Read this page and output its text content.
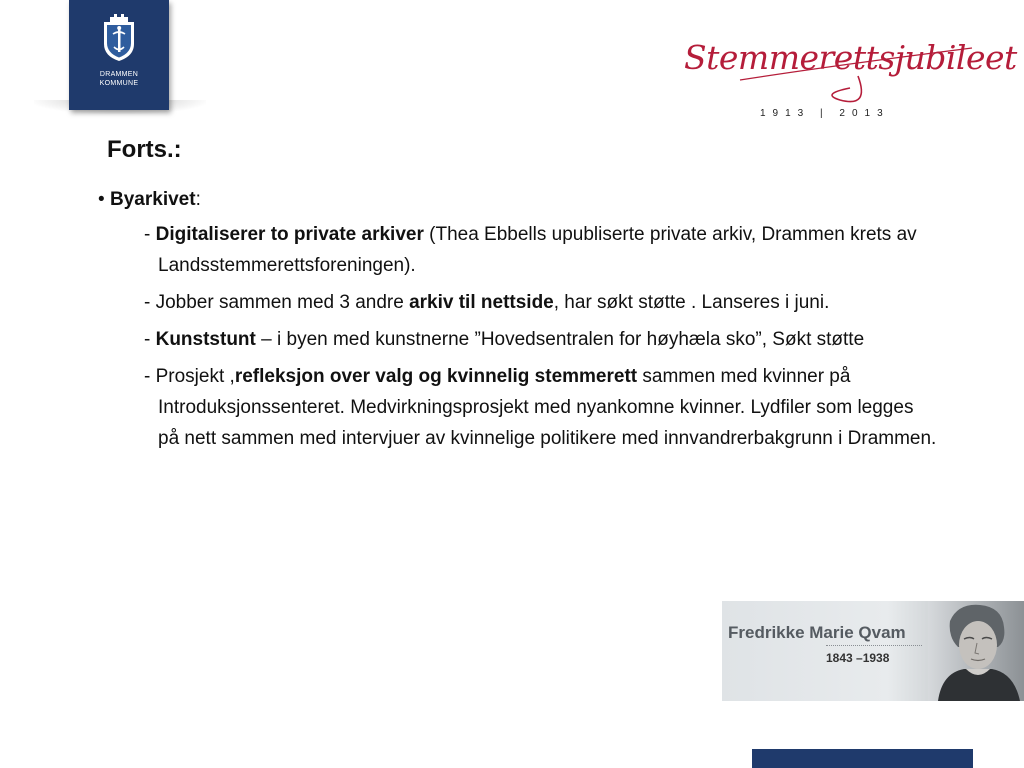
DRAMMEN
KOMMUNE
Stemmerettsjubileet
1913 | 2013
Forts.:

• Byarkivet:

- Digitaliserer to private arkiver (Thea Ebbells upubliserte private arkiv, Drammen krets av Landsstemmerettsforeningen).

- Jobber sammen med 3 andre arkiv til nettside, har søkt støtte . Lanseres i juni.

- Kunststunt – i byen med kunstnerne ”Hovedsentralen for høyhæla sko”, Søkt støtte

- Prosjekt ,refleksjon over valg og kvinnelig stemmerett sammen med kvinner på Introduksjonssenteret. Medvirkningsprosjekt med nyankomne kvinner. Lydfiler som legges på nett sammen med intervjuer av kvinnelige politikere med innvandrerbakgrunn i Drammen.

Fredrikke Marie Qvam
1843 –1938
